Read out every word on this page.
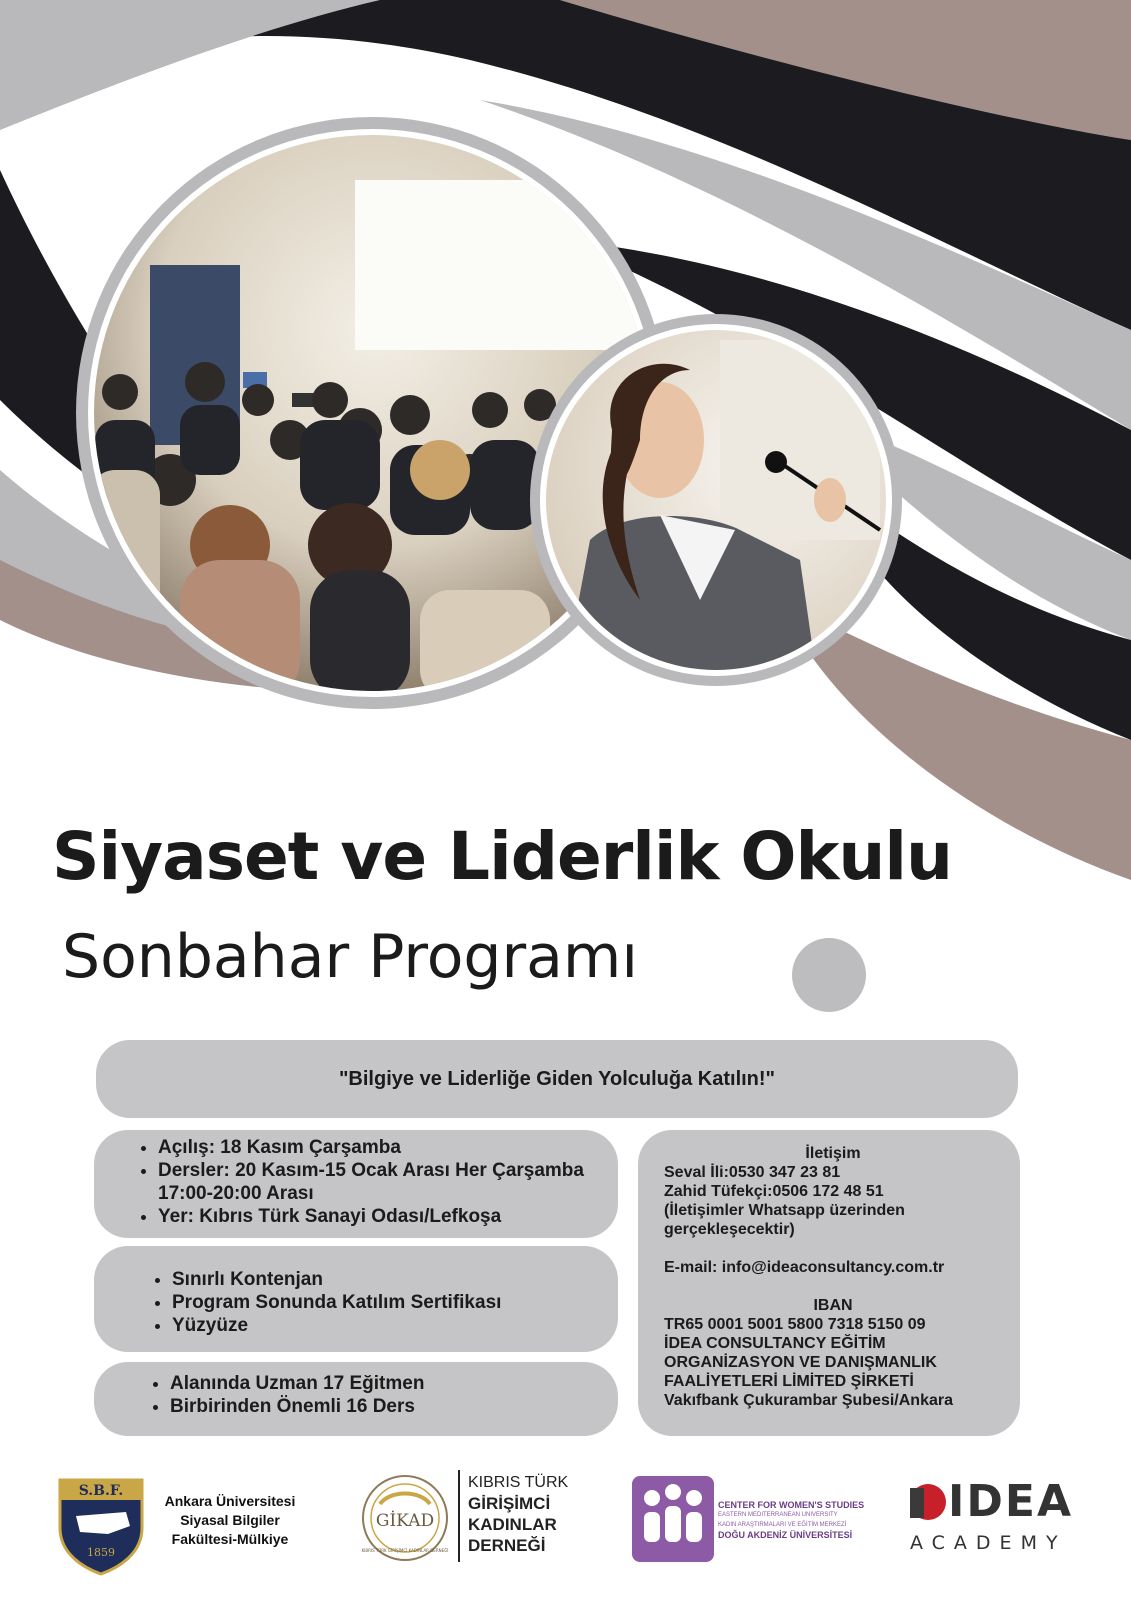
Siyaset ve Liderlik Okulu
Sonbahar Programı
"Bilgiye ve Liderliğe Giden Yolculuğa Katılın!"
• Açılış: 18 Kasım Çarşamba
• Dersler: 20 Kasım-15 Ocak Arası Her Çarşamba 17:00-20:00 Arası
• Yer: Kıbrıs Türk Sanayi Odası/Lefkoşa
• Sınırlı Kontenjan
• Program Sonunda Katılım Sertifikası
• Yüzyüze
• Alanında Uzman 17 Eğitmen
• Birbirinden Önemli 16 Ders

İletişim

Seval İli:0530 347 23 81

Zahid Tüfekçi:0506 172 48 51

(İletişimler Whatsapp üzerinden gerçekleşecektir)

E-mail: info@ideaconsultancy.com.tr

IBAN

TR65 0001 5001 5800 7318 5150 09

İDEA CONSULTANCY EĞİTİM ORGANİZASYON VE DANIŞMANLIK FAALİYETLERİ LİMİTED ŞİRKETİ

Vakıfbank Çukurambar Şubesi/Ankara

S.B.F.
1859
Ankara Üniversitesi
Siyasal Bilgiler
Fakültesi-Mülkiye
GİKAD
KIBRIS TÜRK GİRİŞİMCİ KADINLAR DERNEĞİ
KIBRIS TÜRK
GİRİŞİMCİ
KADINLAR
DERNEĞİ
CENTER FOR WOMEN'S STUDIES
EASTERN MEDITERRANEAN UNIVERSITY
KADIN ARAŞTIRMALARI VE EĞİTİM MERKEZİ
DOĞU AKDENİZ ÜNİVERSİTESİ
IDEA
ACADEMY
